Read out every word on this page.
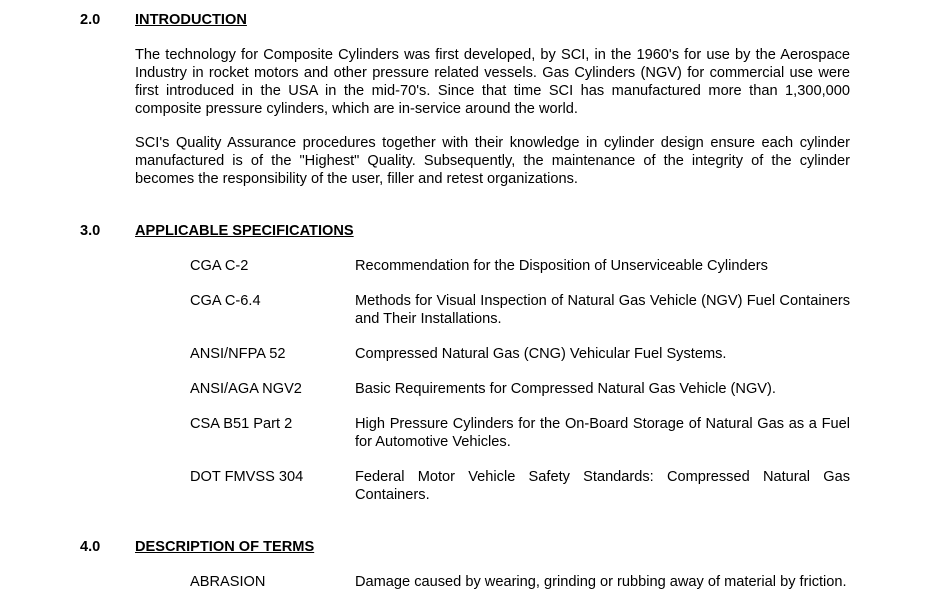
2.0 INTRODUCTION

The technology for Composite Cylinders was first developed, by SCI, in the 1960's for use by the Aerospace Industry in rocket motors and other pressure related vessels. Gas Cylinders (NGV) for commercial use were first introduced in the USA in the mid-70's. Since that time SCI has manufactured more than 1,300,000 composite pressure cylinders, which are in-service around the world.

SCI's Quality Assurance procedures together with their knowledge in cylinder design ensure each cylinder manufactured is of the "Highest" Quality. Subsequently, the maintenance of the integrity of the cylinder becomes the responsibility of the user, filler and retest organizations.

3.0 APPLICABLE SPECIFICATIONS
CGA C-2	Recommendation for the Disposition of Unserviceable Cylinders

CGA C-6.4	Methods for Visual Inspection of Natural Gas Vehicle (NGV) Fuel Containers and Their Installations.

ANSI/NFPA 52	Compressed Natural Gas (CNG) Vehicular Fuel Systems.

ANSI/AGA NGV2	Basic Requirements for Compressed Natural Gas Vehicle (NGV).

CSA B51 Part 2	High Pressure Cylinders for the On-Board Storage of Natural Gas as a Fuel for Automotive Vehicles.

DOT FMVSS 304	Federal Motor Vehicle Safety Standards: Compressed Natural Gas Containers.

4.0 DESCRIPTION OF TERMS
ABRASION	Damage caused by wearing, grinding or rubbing away of material by friction.
